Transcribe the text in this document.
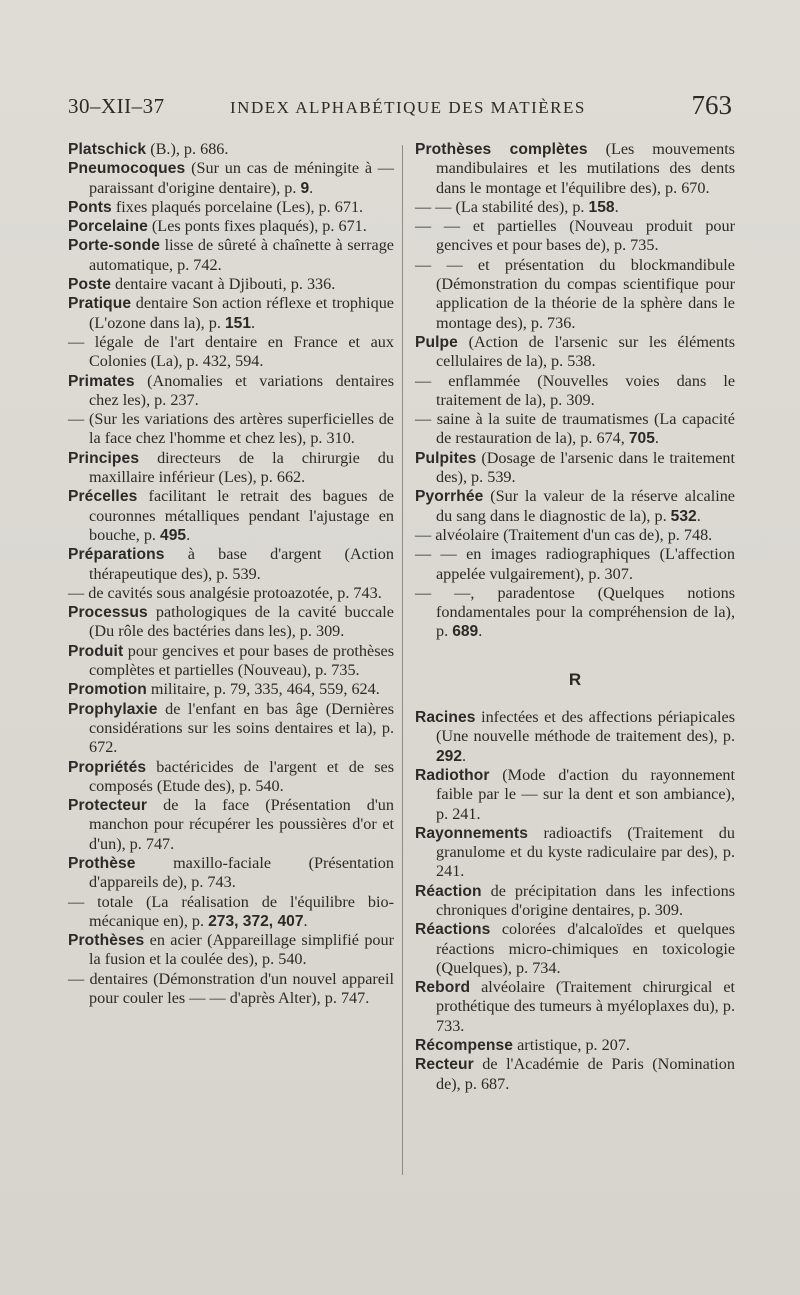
30–XII–37	INDEX ALPHABÉTIQUE DES MATIÈRES	763

Platschick (B.), p. 686.

Pneumocoques (Sur un cas de méningite à — paraissant d'origine dentaire), p. 9.

Ponts fixes plaqués porcelaine (Les), p. 671.

Porcelaine (Les ponts fixes plaqués), p. 671.

Porte-sonde lisse de sûreté à chaînette à serrage automatique, p. 742.

Poste dentaire vacant à Djibouti, p. 336.

Pratique dentaire Son action réflexe et trophique (L'ozone dans la), p. 151.

— légale de l'art dentaire en France et aux Colonies (La), p. 432, 594.

Primates (Anomalies et variations dentaires chez les), p. 237.

— (Sur les variations des artères superficielles de la face chez l'homme et chez les), p. 310.

Principes directeurs de la chirurgie du maxillaire inférieur (Les), p. 662.

Précelles facilitant le retrait des bagues de couronnes métalliques pendant l'ajustage en bouche, p. 495.

Préparations à base d'argent (Action thérapeutique des), p. 539.

— de cavités sous analgésie protoazotée, p. 743.

Processus pathologiques de la cavité buccale (Du rôle des bactéries dans les), p. 309.

Produit pour gencives et pour bases de prothèses complètes et partielles (Nouveau), p. 735.

Promotion militaire, p. 79, 335, 464, 559, 624.

Prophylaxie de l'enfant en bas âge (Dernières considérations sur les soins dentaires et la), p. 672.

Propriétés bactéricides de l'argent et de ses composés (Etude des), p. 540.

Protecteur de la face (Présentation d'un manchon pour récupérer les poussières d'or et d'un), p. 747.

Prothèse maxillo-faciale (Présentation d'appareils de), p. 743.

— totale (La réalisation de l'équilibre bio-mécanique en), p. 273, 372, 407.

Prothèses en acier (Appareillage simplifié pour la fusion et la coulée des), p. 540.

— dentaires (Démonstration d'un nouvel appareil pour couler les — — d'après Alter), p. 747.

Prothèses complètes (Les mouvements mandibulaires et les mutilations des dents dans le montage et l'équilibre des), p. 670.

— — (La stabilité des), p. 158.

— — et partielles (Nouveau produit pour gencives et pour bases de), p. 735.

— — et présentation du blockmandibule (Démonstration du compas scientifique pour application de la théorie de la sphère dans le montage des), p. 736.

Pulpe (Action de l'arsenic sur les éléments cellulaires de la), p. 538.

— enflammée (Nouvelles voies dans le traitement de la), p. 309.

— saine à la suite de traumatismes (La capacité de restauration de la), p. 674, 705.

Pulpites (Dosage de l'arsenic dans le traitement des), p. 539.

Pyorrhée (Sur la valeur de la réserve alcaline du sang dans le diagnostic de la), p. 532.

— alvéolaire (Traitement d'un cas de), p. 748.

— — en images radiographiques (L'affection appelée vulgairement), p. 307.

— —, paradentose (Quelques notions fondamentales pour la compréhension de la), p. 689.

R

Racines infectées et des affections périapicales (Une nouvelle méthode de traitement des), p. 292.

Radiothor (Mode d'action du rayonnement faible par le — sur la dent et son ambiance), p. 241.

Rayonnements radioactifs (Traitement du granulome et du kyste radiculaire par des), p. 241.

Réaction de précipitation dans les infections chroniques d'origine dentaires, p. 309.

Réactions colorées d'alcaloïdes et quelques réactions micro-chimiques en toxicologie (Quelques), p. 734.

Rebord alvéolaire (Traitement chirurgical et prothétique des tumeurs à myéloplaxes du), p. 733.

Récompense artistique, p. 207.

Recteur de l'Académie de Paris (Nomination de), p. 687.
